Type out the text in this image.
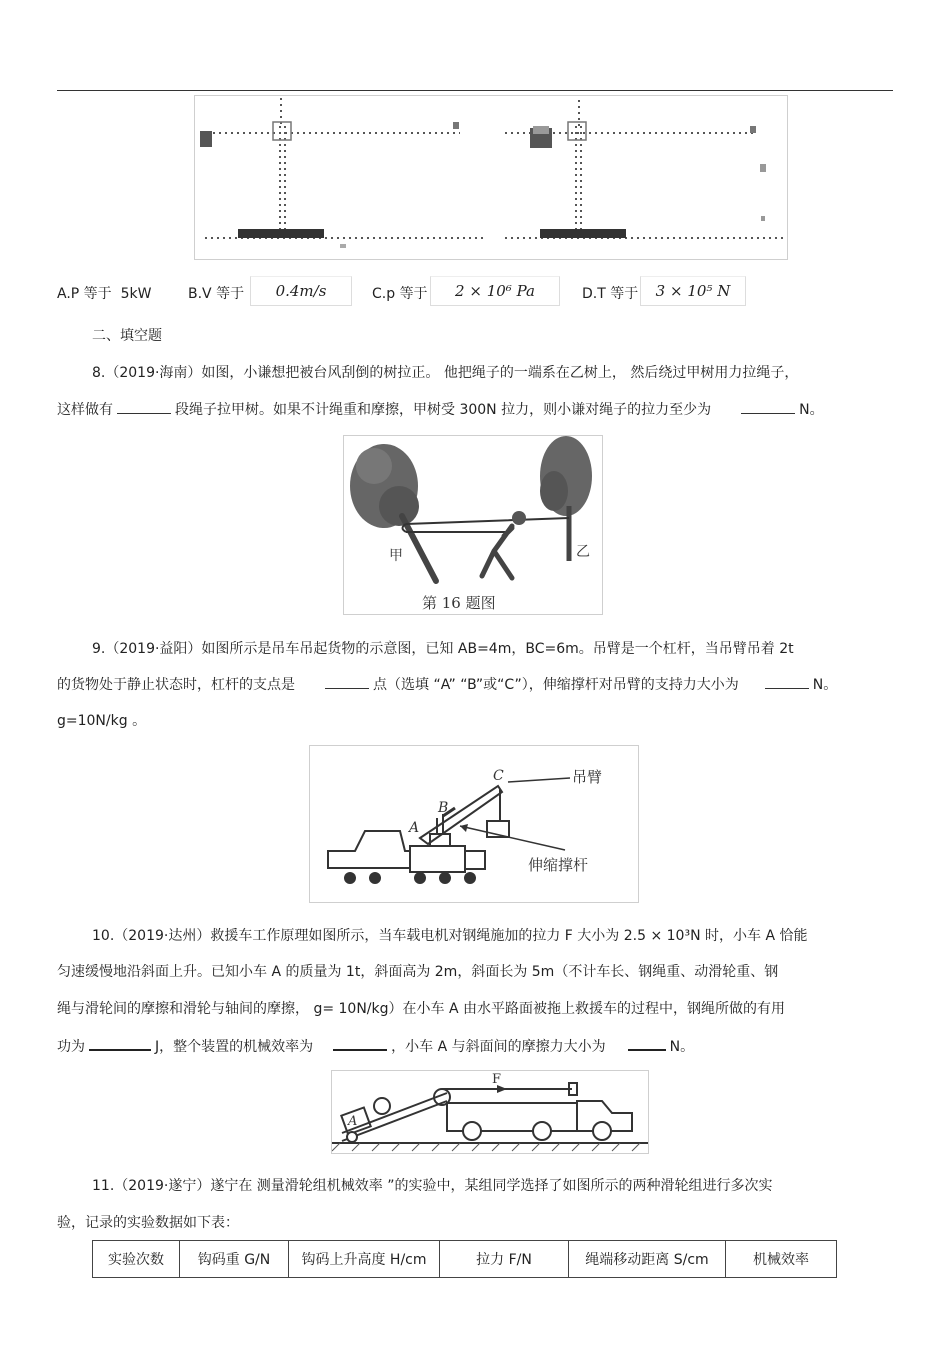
A.P 等于 5kW	B.V 等于	0.4m/s	C.p 等于	2 × 10⁶ Pa	D.T 等于	3 × 10⁵ N
二、填空题
8.（2019·海南）如图，小谦想把被台风刮倒的树拉正。 他把绳子的一端系在乙树上， 然后绕过甲树用力拉绳子，
这样做有	段绳子拉甲树。如果不计绳重和摩擦，甲树受 300N 拉力，则小谦对绳子的拉力至少为	N。
甲	乙
第 16 题图
9.（2019·益阳）如图所示是吊车吊起货物的示意图，已知 AB=4m，BC=6m。吊臂是一个杠杆，当吊臂吊着 2t
的货物处于静止状态时，杠杆的支点是	点（选填 “A” “B”或“C”），伸缩撑杆对吊臂的支持力大小为	N。
g=10N/kg 。
C
B
A
吊臂
伸缩撑杆
10.（2019·达州）救援车工作原理如图所示，当车载电机对钢绳施加的拉力 F 大小为 2.5 × 10³N 时，小车 A 恰能
匀速缓慢地沿斜面上升。已知小车 A 的质量为 1t，斜面高为 2m，斜面长为 5m（不计车长、钢绳重、动滑轮重、钢
绳与滑轮间的摩擦和滑轮与轴间的摩擦， g= 10N/kg）在小车 A 由水平路面被拖上救援车的过程中，钢绳所做的有用
功为	J，整个装置的机械效率为	，小车 A 与斜面间的摩擦力大小为	N。
F
A
11.（2019·遂宁）遂宁在 测量滑轮组机械效率 ”的实验中，某组同学选择了如图所示的两种滑轮组进行多次实
验，记录的实验数据如下表：
实验次数	钩码重 G/N	钩码上升高度 H/cm	拉力 F/N	绳端移动距离 S/cm	机械效率
